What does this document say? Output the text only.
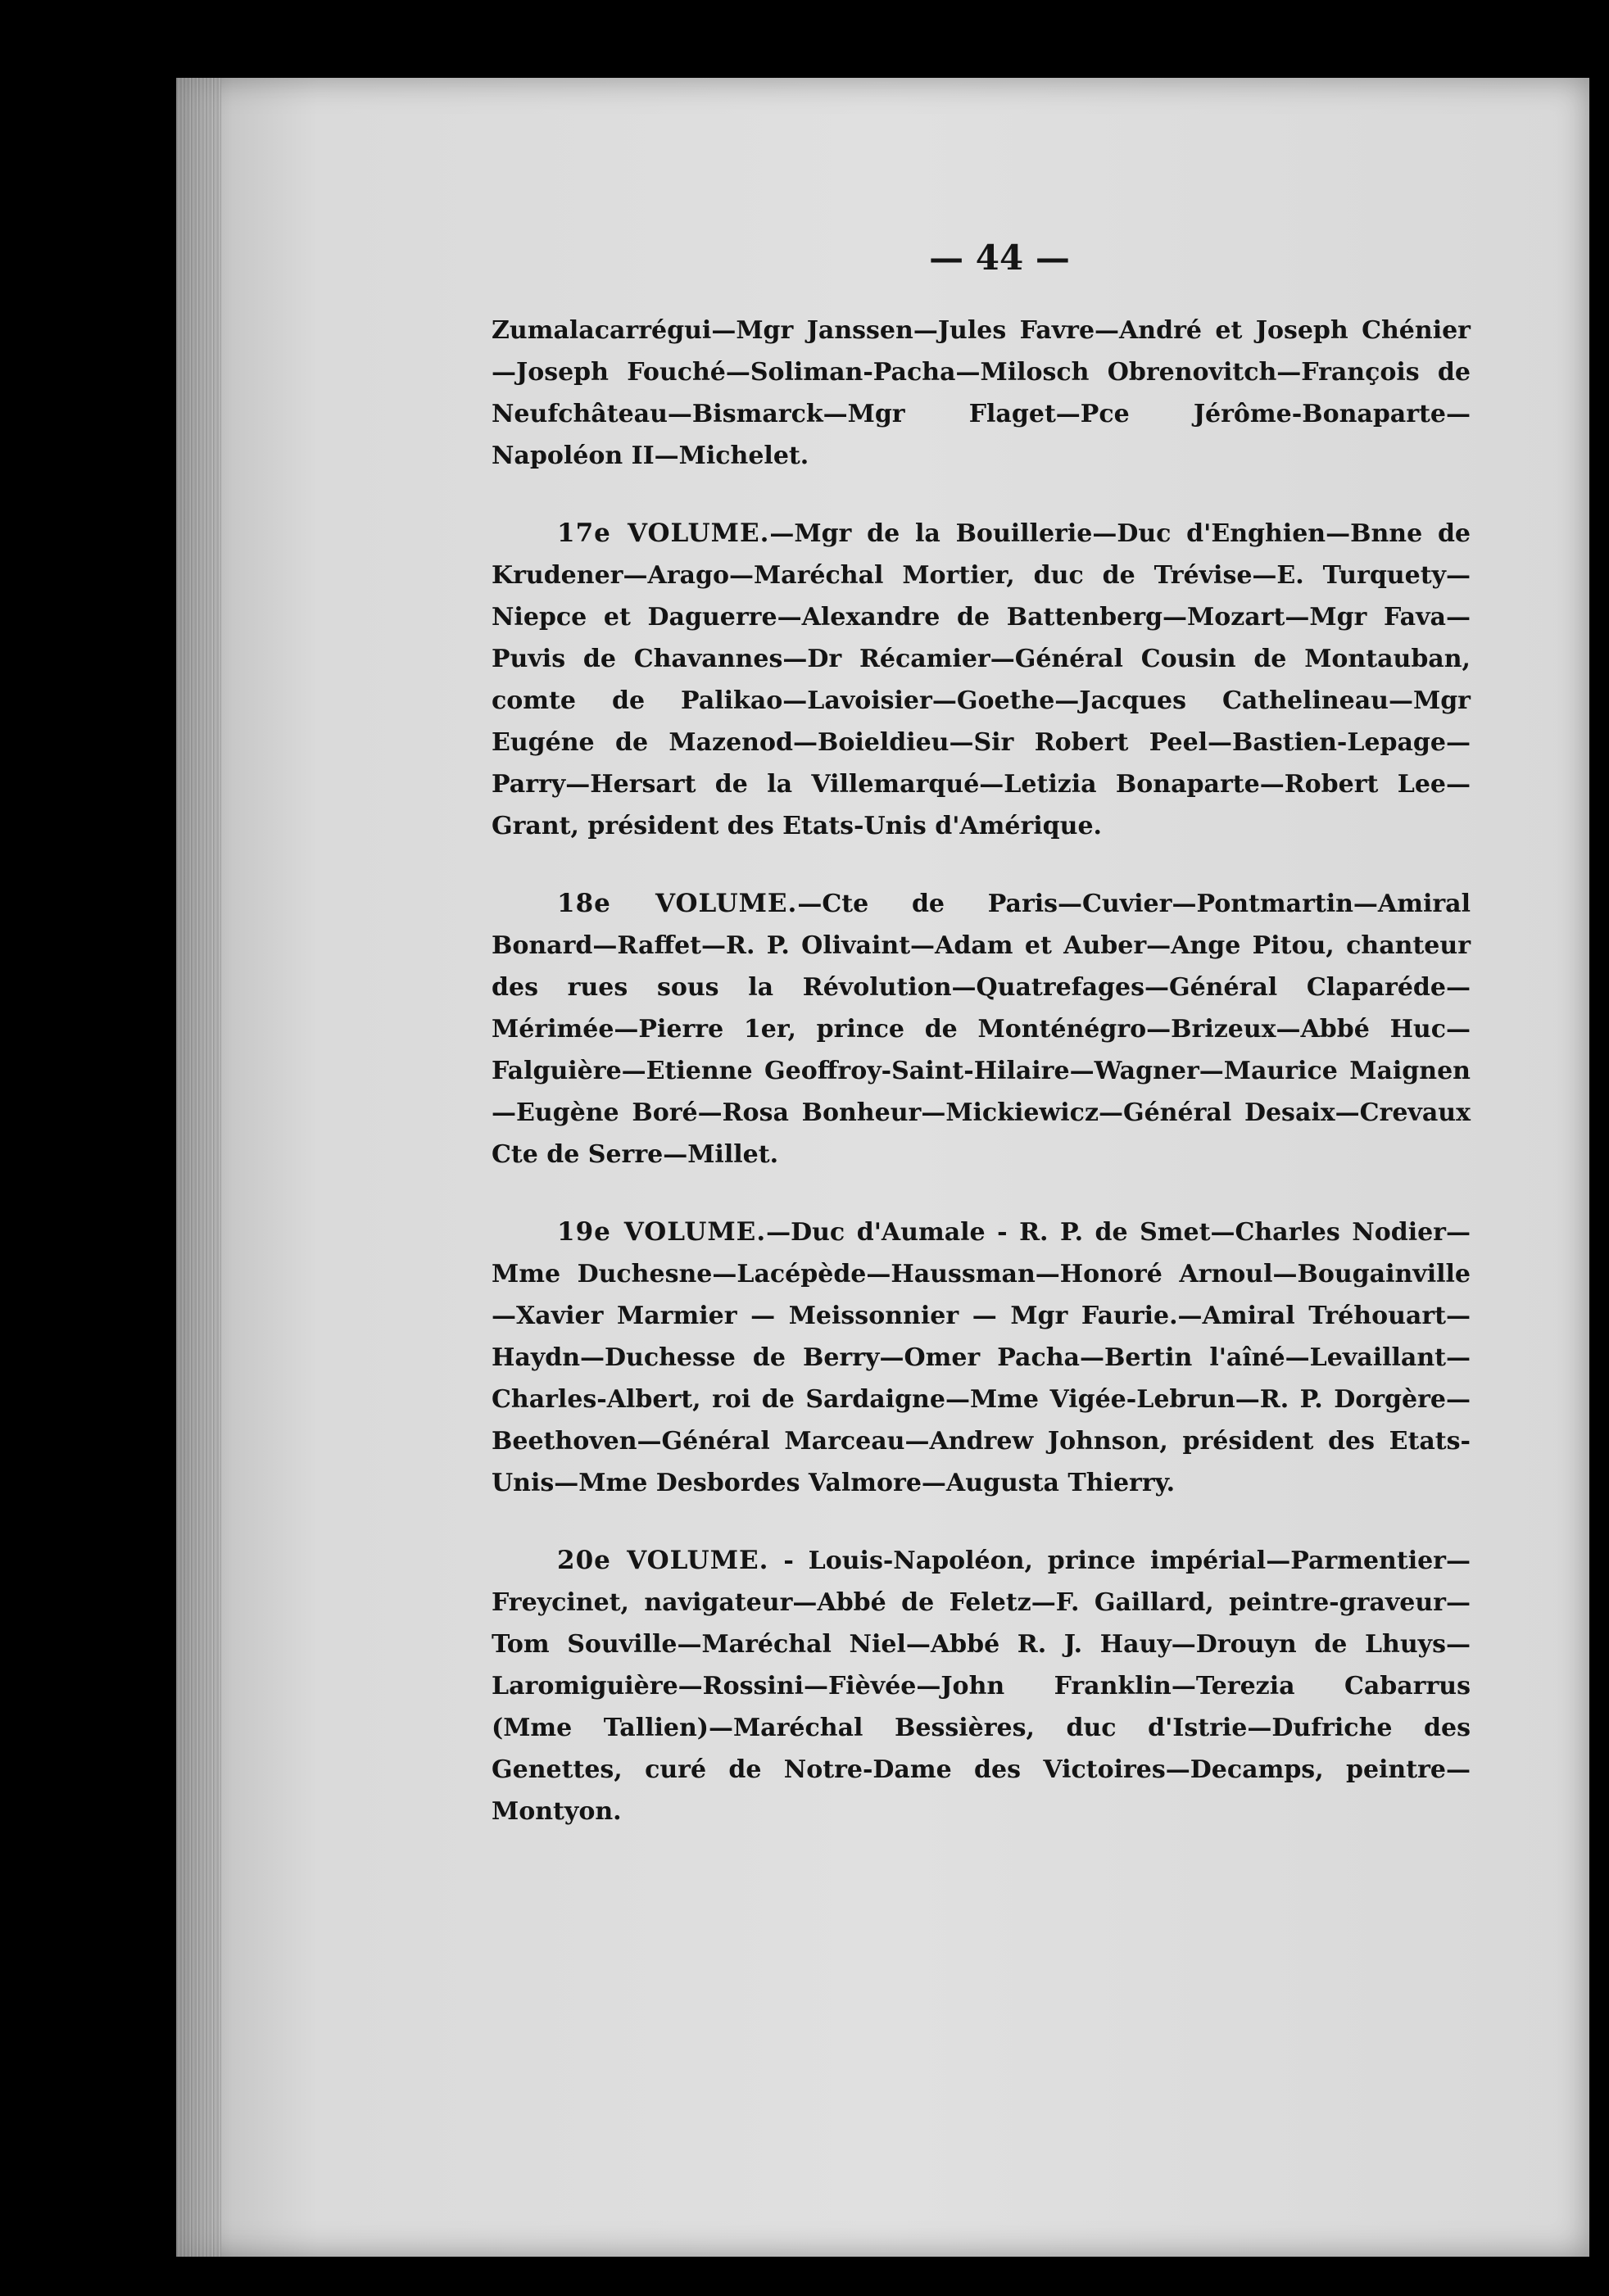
— 44 —

Zumalacarrégui—Mgr Janssen—Jules Favre—André et Joseph Chénier—Joseph Fouché—Soliman-Pacha—Milosch Obrenovitch—François de Neufchâteau—Bismarck—Mgr Flaget—Pce Jérôme-Bonaparte—Napoléon II—Michelet.

17e VOLUME.—Mgr de la Bouillerie—Duc d'Enghien—Bnne de Krudener—Arago—Maréchal Mortier, duc de Trévise—E. Turquety—Niepce et Daguerre—Alexandre de Battenberg—Mozart—Mgr Fava—Puvis de Chavannes—Dr Récamier—Général Cousin de Montauban, comte de Palikao—Lavoisier—Goethe—Jacques Cathelineau—Mgr Eugéne de Mazenod—Boieldieu—Sir Robert Peel—Bastien-Lepage—Parry—Hersart de la Villemarqué—Letizia Bonaparte—Robert Lee—Grant, président des Etats-Unis d'Amérique.

18e VOLUME.—Cte de Paris—Cuvier—Pontmartin—Amiral Bonard—Raffet—R. P. Olivaint—Adam et Auber—Ange Pitou, chanteur des rues sous la Révolution—Quatrefages—Général Claparéde—Mérimée—Pierre 1er, prince de Monténégro—Brizeux—Abbé Huc—Falguière—Etienne Geoffroy-Saint-Hilaire—Wagner—Maurice Maignen—Eugène Boré—Rosa Bonheur—Mickiewicz—Général Desaix—Crevaux Cte de Serre—Millet.

19e VOLUME.—Duc d'Aumale - R. P. de Smet—Charles Nodier—Mme Duchesne—Lacépède—Haussman—Honoré Arnoul—Bougainville—Xavier Marmier — Meissonnier — Mgr Faurie.—Amiral Tréhouart—Haydn—Duchesse de Berry—Omer Pacha—Bertin l'aîné—Levaillant—Charles-Albert, roi de Sardaigne—Mme Vigée-Lebrun—R. P. Dorgère—Beethoven—Général Marceau—Andrew Johnson, président des Etats-Unis—Mme Desbordes Valmore—Augusta Thierry.

20e VOLUME. - Louis-Napoléon, prince impérial—Parmentier—Freycinet, navigateur—Abbé de Feletz—F. Gaillard, peintre-graveur—Tom Souville—Maréchal Niel—Abbé R. J. Hauy—Drouyn de Lhuys—Laromiguière—Rossini—Fièvée—John Franklin—Terezia Cabarrus (Mme Tallien)—Maréchal Bessières, duc d'Istrie—Dufriche des Genettes, curé de Notre-Dame des Victoires—Decamps, peintre—Montyon.
